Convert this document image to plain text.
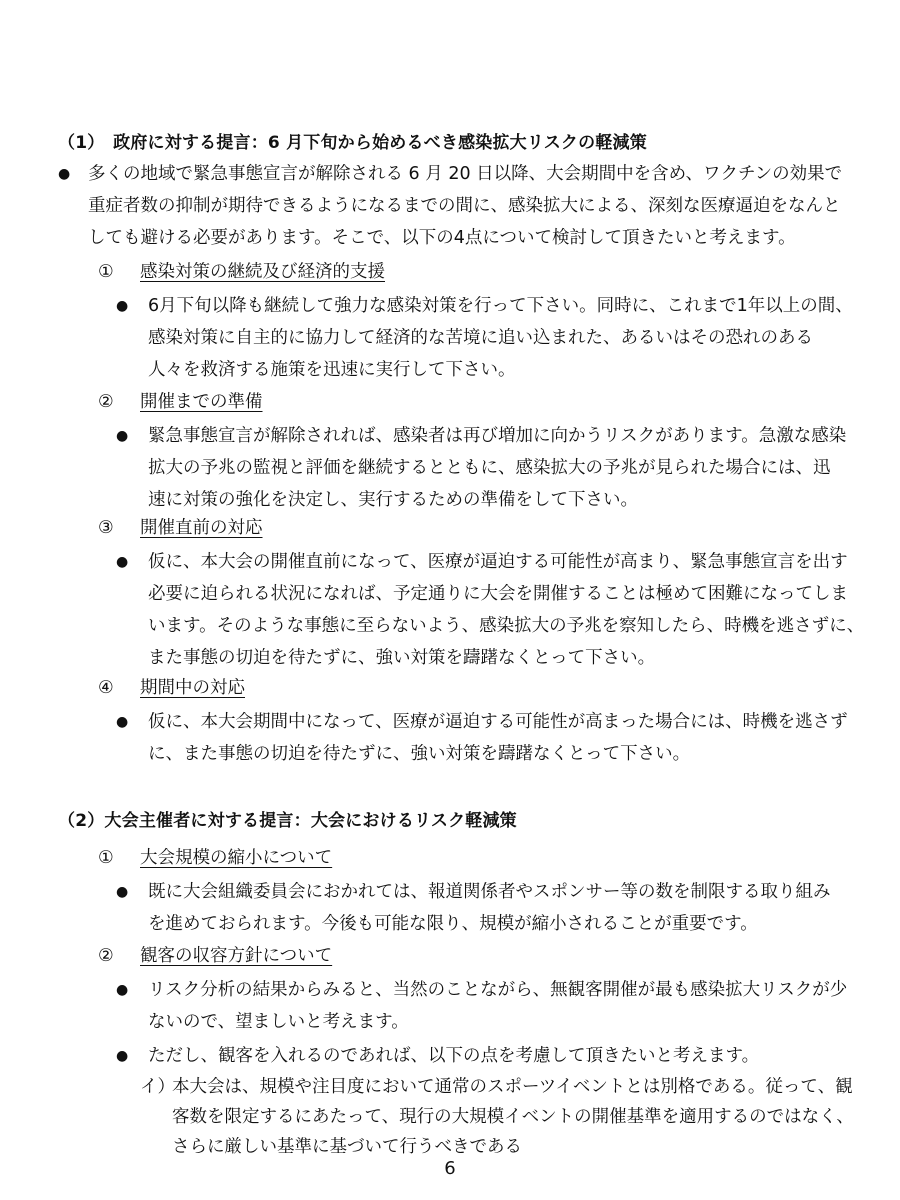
（1）　政府に対する提言：6 月下旬から始めるべき感染拡大リスクの軽減策
● 多くの地域で緊急事態宣言が解除される 6 月 20 日以降、大会期間中を含め、ワクチンの効果で
重症者数の抑制が期待できるようになるまでの間に、感染拡大による、深刻な医療逼迫をなんと
しても避ける必要があります。そこで、以下の4点について検討して頂きたいと考えます。
① 感染対策の継続及び経済的支援
● 6月下旬以降も継続して強力な感染対策を行って下さい。同時に、これまで1年以上の間、
感染対策に自主的に協力して経済的な苦境に追い込まれた、あるいはその恐れのある
人々を救済する施策を迅速に実行して下さい。
② 開催までの準備
● 緊急事態宣言が解除されれば、感染者は再び増加に向かうリスクがあります。急激な感染
拡大の予兆の監視と評価を継続するとともに、感染拡大の予兆が見られた場合には、迅
速に対策の強化を決定し、実行するための準備をして下さい。
③ 開催直前の対応
● 仮に、本大会の開催直前になって、医療が逼迫する可能性が高まり、緊急事態宣言を出す
必要に迫られる状況になれば、予定通りに大会を開催することは極めて困難になってしま
います。そのような事態に至らないよう、感染拡大の予兆を察知したら、時機を逃さずに、
また事態の切迫を待たずに、強い対策を躊躇なくとって下さい。
④ 期間中の対応
● 仮に、本大会期間中になって、医療が逼迫する可能性が高まった場合には、時機を逃さず
に、また事態の切迫を待たずに、強い対策を躊躇なくとって下さい。
（2）大会主催者に対する提言：大会におけるリスク軽減策
① 大会規模の縮小について
● 既に大会組織委員会におかれては、報道関係者やスポンサー等の数を制限する取り組み
を進めておられます。今後も可能な限り、規模が縮小されることが重要です。
② 観客の収容方針について
● リスク分析の結果からみると、当然のことながら、無観客開催が最も感染拡大リスクが少
ないので、望ましいと考えます。
● ただし、観客を入れるのであれば、以下の点を考慮して頂きたいと考えます。
イ）
本大会は、規模や注目度において通常のスポーツイベントとは別格である。従って、観
客数を限定するにあたって、現行の大規模イベントの開催基準を適用するのではなく、
さらに厳しい基準に基づいて行うべきである
6
